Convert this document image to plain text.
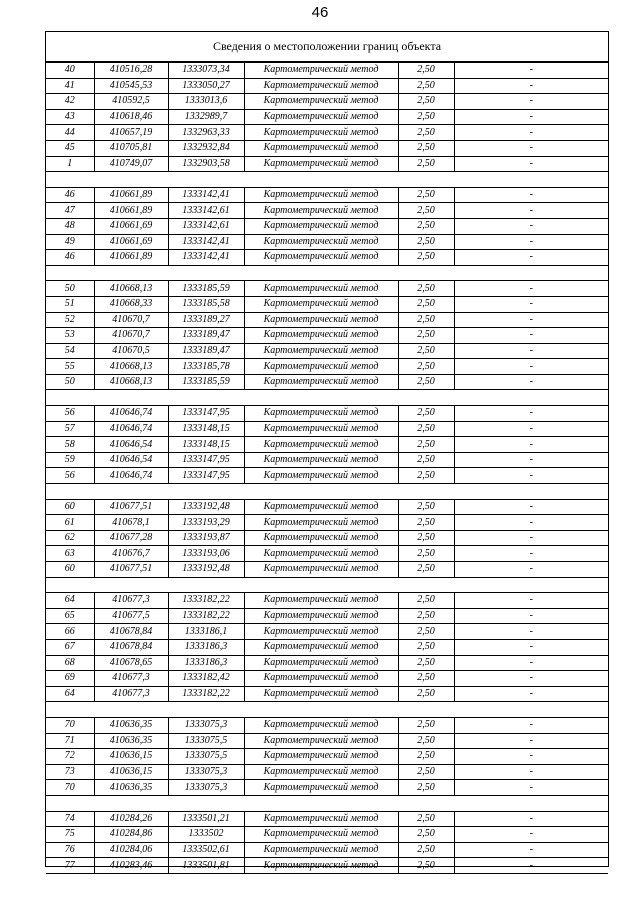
46
Сведения о местоположении границ объекта
40	410516,28	1333073,34	Картометрический метод	2,50	-
41	410545,53	1333050,27	Картометрический метод	2,50	-
42	410592,5	1333013,6	Картометрический метод	2,50	-
43	410618,46	1332989,7	Картометрический метод	2,50	-
44	410657,19	1332963,33	Картометрический метод	2,50	-
45	410705,81	1332932,84	Картометрический метод	2,50	-
1	410749,07	1332903,58	Картометрический метод	2,50	-

46	410661,89	1333142,41	Картометрический метод	2,50	-
47	410661,89	1333142,61	Картометрический метод	2,50	-
48	410661,69	1333142,61	Картометрический метод	2,50	-
49	410661,69	1333142,41	Картометрический метод	2,50	-
46	410661,89	1333142,41	Картометрический метод	2,50	-

50	410668,13	1333185,59	Картометрический метод	2,50	-
51	410668,33	1333185,58	Картометрический метод	2,50	-
52	410670,7	1333189,27	Картометрический метод	2,50	-
53	410670,7	1333189,47	Картометрический метод	2,50	-
54	410670,5	1333189,47	Картометрический метод	2,50	-
55	410668,13	1333185,78	Картометрический метод	2,50	-
50	410668,13	1333185,59	Картометрический метод	2,50	-

56	410646,74	1333147,95	Картометрический метод	2,50	-
57	410646,74	1333148,15	Картометрический метод	2,50	-
58	410646,54	1333148,15	Картометрический метод	2,50	-
59	410646,54	1333147,95	Картометрический метод	2,50	-
56	410646,74	1333147,95	Картометрический метод	2,50	-

60	410677,51	1333192,48	Картометрический метод	2,50	-
61	410678,1	1333193,29	Картометрический метод	2,50	-
62	410677,28	1333193,87	Картометрический метод	2,50	-
63	410676,7	1333193,06	Картометрический метод	2,50	-
60	410677,51	1333192,48	Картометрический метод	2,50	-

64	410677,3	1333182,22	Картометрический метод	2,50	-
65	410677,5	1333182,22	Картометрический метод	2,50	-
66	410678,84	1333186,1	Картометрический метод	2,50	-
67	410678,84	1333186,3	Картометрический метод	2,50	-
68	410678,65	1333186,3	Картометрический метод	2,50	-
69	410677,3	1333182,42	Картометрический метод	2,50	-
64	410677,3	1333182,22	Картометрический метод	2,50	-

70	410636,35	1333075,3	Картометрический метод	2,50	-
71	410636,35	1333075,5	Картометрический метод	2,50	-
72	410636,15	1333075,5	Картометрический метод	2,50	-
73	410636,15	1333075,3	Картометрический метод	2,50	-
70	410636,35	1333075,3	Картометрический метод	2,50	-

74	410284,26	1333501,21	Картометрический метод	2,50	-
75	410284,86	1333502	Картометрический метод	2,50	-
76	410284,06	1333502,61	Картометрический метод	2,50	-
77	410283,46	1333501,81	Картометрический метод	2,50	-
